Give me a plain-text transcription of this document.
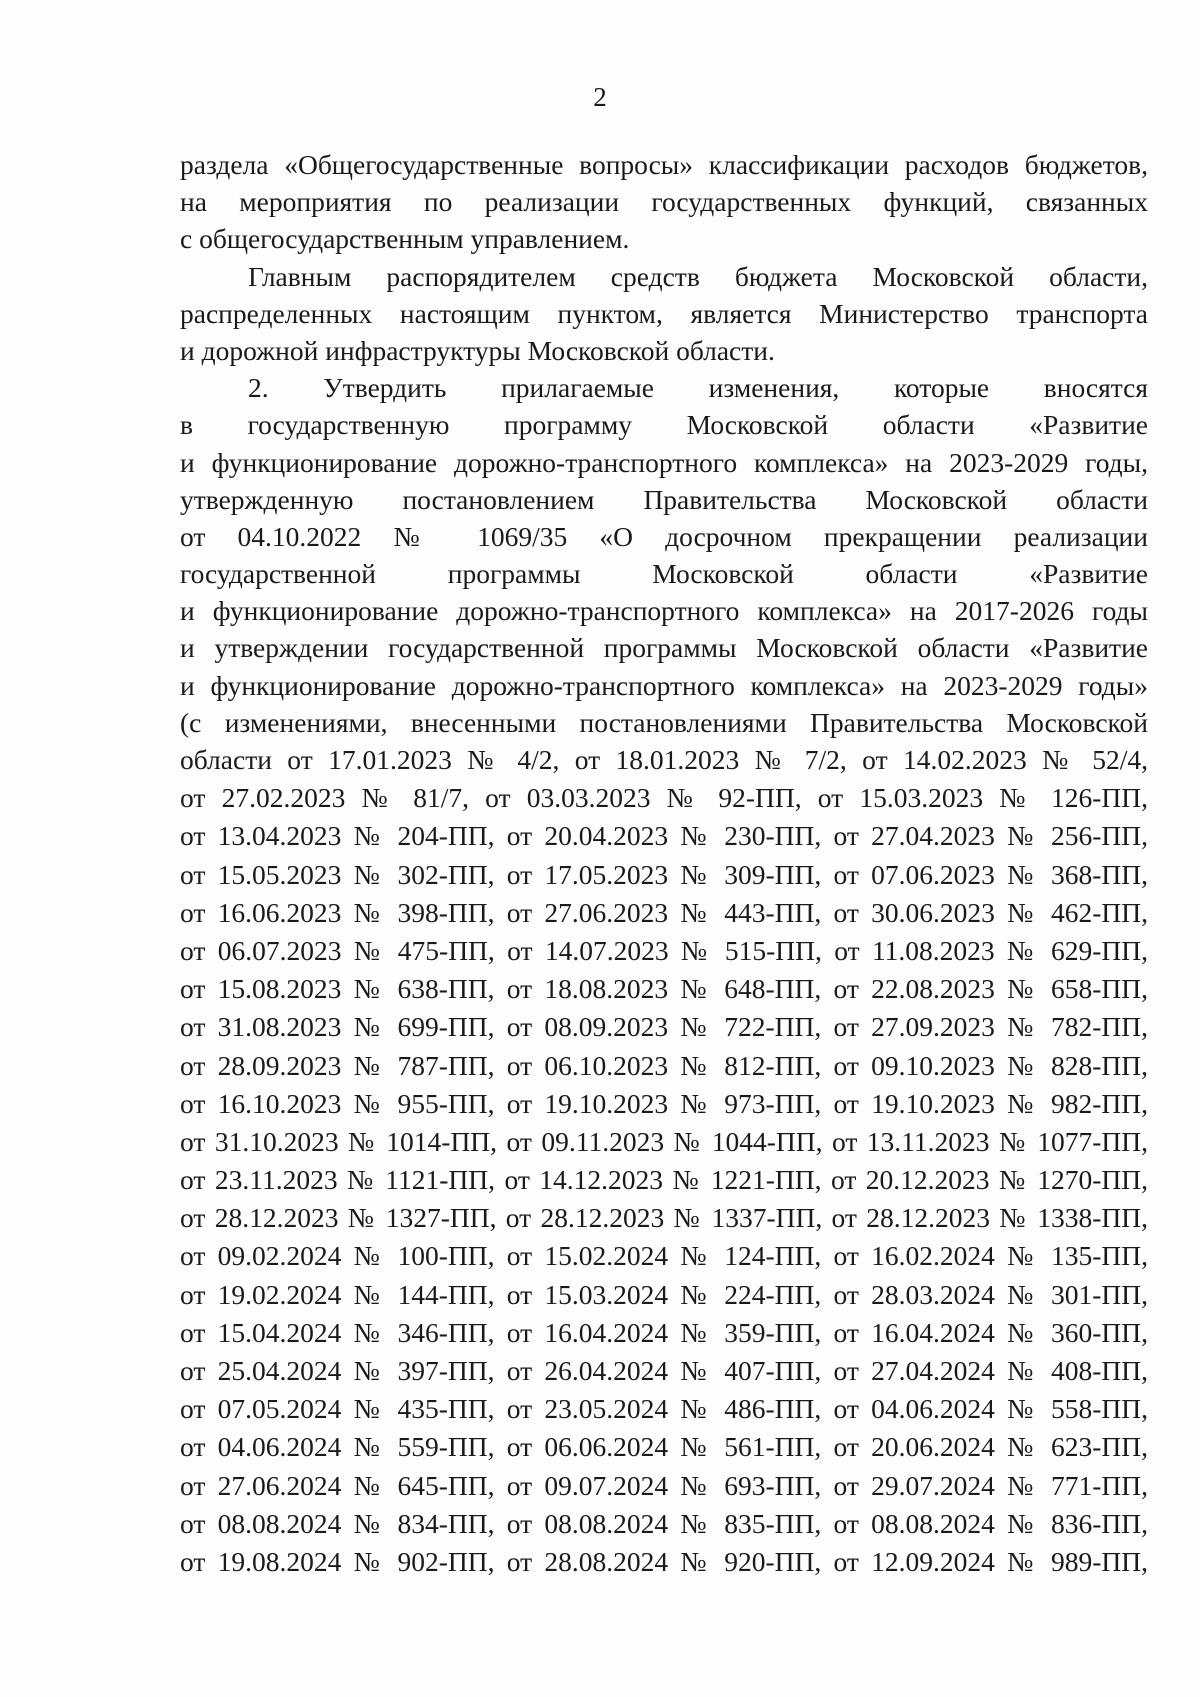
2
раздела «Общегосударственные вопросы» классификации расходов бюджетов,
на мероприятия по реализации государственных функций, связанных
с общегосударственным управлением.
Главным распорядителем средств бюджета Московской области,
распределенных настоящим пунктом, является Министерство транспорта
и дорожной инфраструктуры Московской области.
2. Утвердить прилагаемые изменения, которые вносятся
в государственную программу Московской области «Развитие
и функционирование дорожно-транспортного комплекса» на 2023-2029 годы,
утвержденную постановлением Правительства Московской области
от 04.10.2022 № 1069/35 «О досрочном прекращении реализации
государственной программы Московской области «Развитие
и функционирование дорожно-транспортного комплекса» на 2017-2026 годы
и утверждении государственной программы Московской области «Развитие
и функционирование дорожно-транспортного комплекса» на 2023-2029 годы»
(с изменениями, внесенными постановлениями Правительства Московской
области от 17.01.2023 № 4/2, от 18.01.2023 № 7/2, от 14.02.2023 № 52/4,
от 27.02.2023 № 81/7, от 03.03.2023 № 92-ПП, от 15.03.2023 № 126-ПП,
от 13.04.2023 № 204-ПП, от 20.04.2023 № 230-ПП, от 27.04.2023 № 256-ПП,
от 15.05.2023 № 302-ПП, от 17.05.2023 № 309-ПП, от 07.06.2023 № 368-ПП,
от 16.06.2023 № 398-ПП, от 27.06.2023 № 443-ПП, от 30.06.2023 № 462-ПП,
от 06.07.2023 № 475-ПП, от 14.07.2023 № 515-ПП, от 11.08.2023 № 629-ПП,
от 15.08.2023 № 638-ПП, от 18.08.2023 № 648-ПП, от 22.08.2023 № 658-ПП,
от 31.08.2023 № 699-ПП, от 08.09.2023 № 722-ПП, от 27.09.2023 № 782-ПП,
от 28.09.2023 № 787-ПП, от 06.10.2023 № 812-ПП, от 09.10.2023 № 828-ПП,
от 16.10.2023 № 955-ПП, от 19.10.2023 № 973-ПП, от 19.10.2023 № 982-ПП,
от 31.10.2023 № 1014-ПП, от 09.11.2023 № 1044-ПП, от 13.11.2023 № 1077-ПП,
от 23.11.2023 № 1121-ПП, от 14.12.2023 № 1221-ПП, от 20.12.2023 № 1270-ПП,
от 28.12.2023 № 1327-ПП, от 28.12.2023 № 1337-ПП, от 28.12.2023 № 1338-ПП,
от 09.02.2024 № 100-ПП, от 15.02.2024 № 124-ПП, от 16.02.2024 № 135-ПП,
от 19.02.2024 № 144-ПП, от 15.03.2024 № 224-ПП, от 28.03.2024 № 301-ПП,
от 15.04.2024 № 346-ПП, от 16.04.2024 № 359-ПП, от 16.04.2024 № 360-ПП,
от 25.04.2024 № 397-ПП, от 26.04.2024 № 407-ПП, от 27.04.2024 № 408-ПП,
от 07.05.2024 № 435-ПП, от 23.05.2024 № 486-ПП, от 04.06.2024 № 558-ПП,
от 04.06.2024 № 559-ПП, от 06.06.2024 № 561-ПП, от 20.06.2024 № 623-ПП,
от 27.06.2024 № 645-ПП, от 09.07.2024 № 693-ПП, от 29.07.2024 № 771-ПП,
от 08.08.2024 № 834-ПП, от 08.08.2024 № 835-ПП, от 08.08.2024 № 836-ПП,
от 19.08.2024 № 902-ПП, от 28.08.2024 № 920-ПП, от 12.09.2024 № 989-ПП,
